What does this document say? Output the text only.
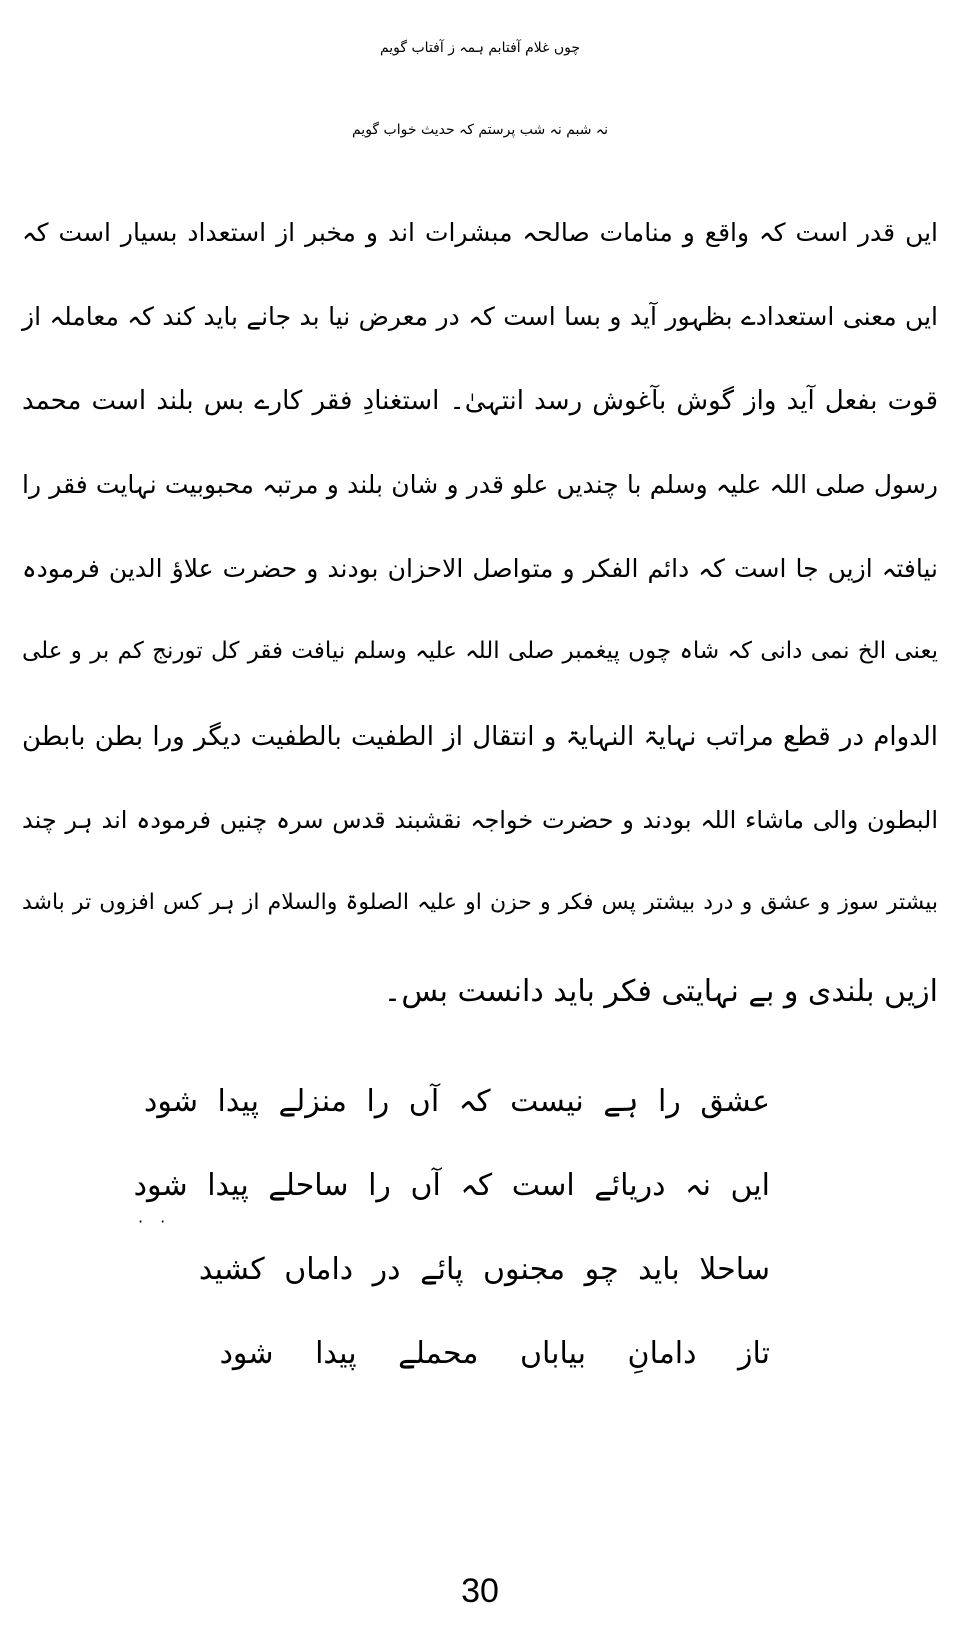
چوں غلام آفتابم ہمہ ز آفتاب گویم
نہ شبم نہ شب پرستم کہ حدیث خواب گویم
ایں قدر است کہ واقع و منامات صالحہ مبشرات اند و مخبر از استعداد بسیار است کہ
ایں معنی استعدادے بظہور آید و بسا است کہ در معرض نیا بد جانے باید کند کہ معاملہ از
قوت بفعل آید واز گوش بآغوش رسد انتہیٰ۔ استغنادِ فقر کارے بس بلند است محمد
رسول صلی اللہ علیہ وسلم با چندیں علو قدر و شان بلند و مرتبہ محبوبیت نہایت فقر را
نیافتہ ازیں جا است کہ دائم الفکر و متواصل الاحزان بودند و حضرت علاؤ الدین فرمودہ
یعنی الخ نمی دانی کہ شاہ چوں پیغمبر صلی اللہ علیہ وسلم نیافت فقر کل تورنج کم بر و علی
الدوام در قطع مراتب نہایۃ النہایۃ و انتقال از الطفیت بالطفیت دیگر ورا بطن بابطن
البطون والی ماشاء اللہ بودند و حضرت خواجہ نقشبند قدس سرہ چنیں فرمودہ اند ہر چند
بیشتر سوز و عشق و درد بیشتر پس فکر و حزن او علیہ الصلوۃ والسلام از ہر کس افزوں تر باشد
ازیں بلندی و بے نہایتی فکر باید دانست بس۔
عشق را ہے نیست کہ آں را منزلے پیدا شود
ایں نہ دریائے است کہ آں را ساحلے پیدا شود
ساحلا باید چو مجنوں پائے در داماں کشید
تاز دامانِ بیاباں محملے پیدا شود
· ·
30
